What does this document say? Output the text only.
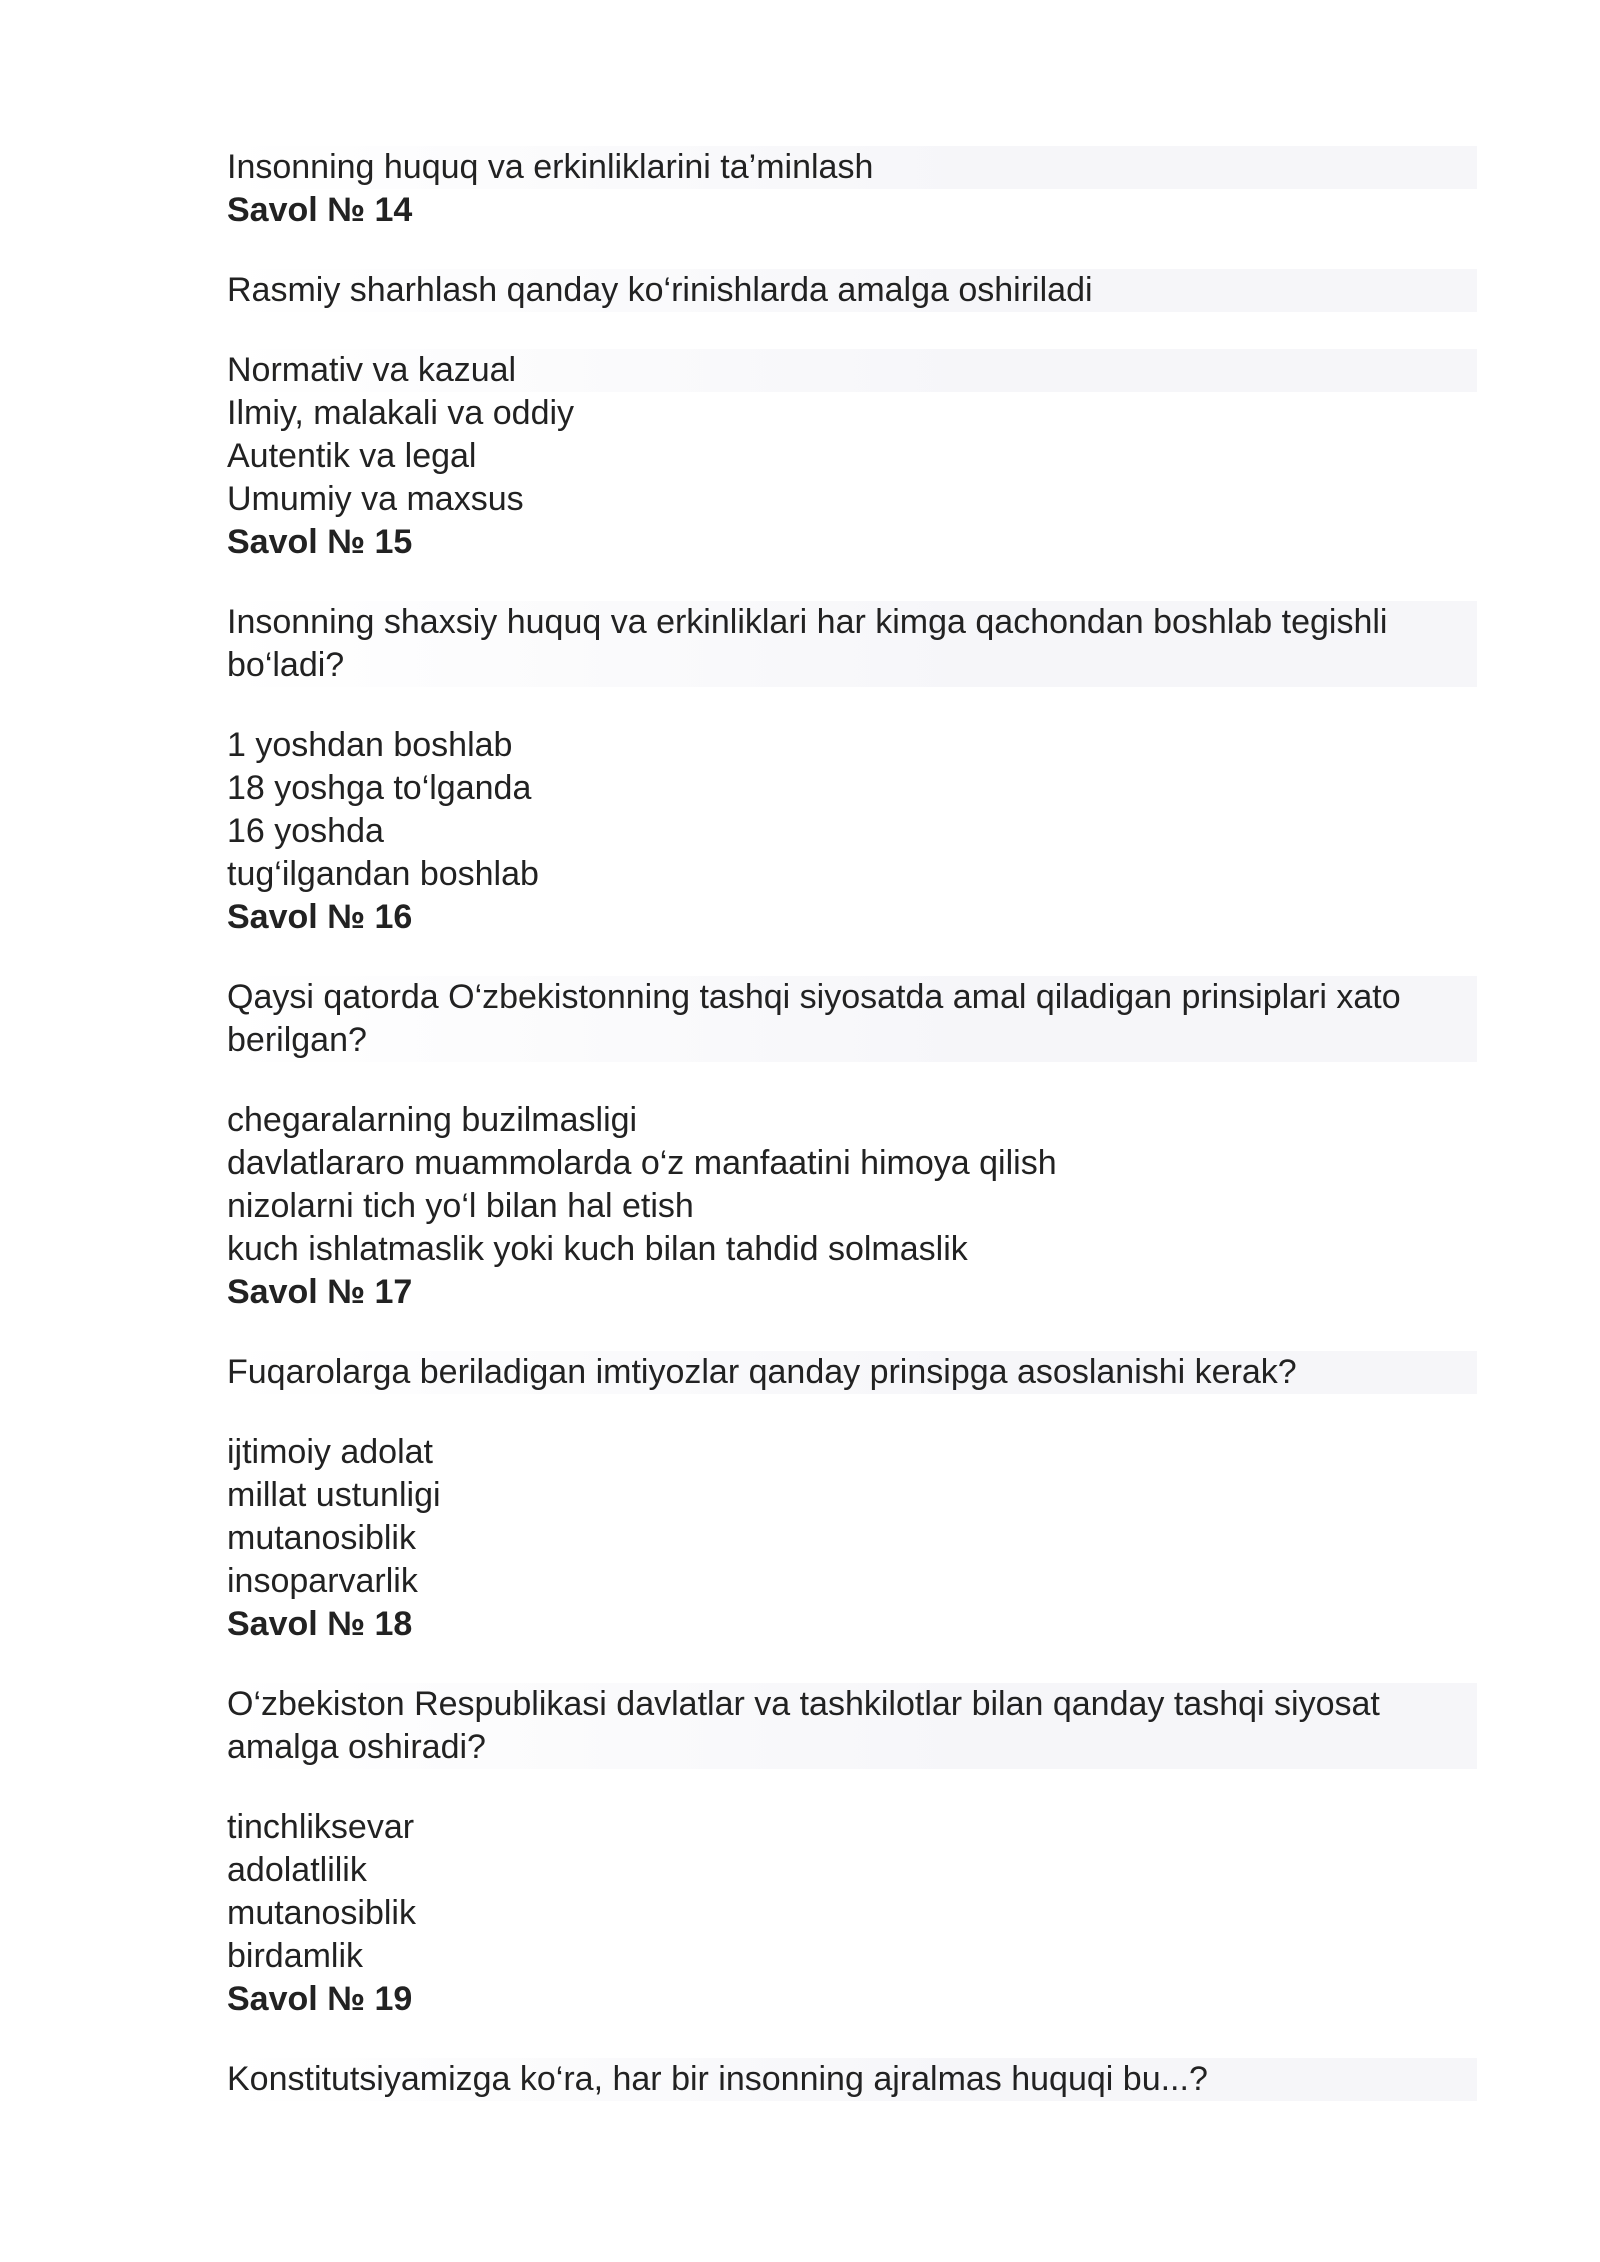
Insonning huquq va erkinliklarini ta’minlash
Savol № 14
Rasmiy sharhlash qanday ko‘rinishlarda amalga oshiriladi
Normativ va kazual
Ilmiy, malakali va oddiy
Autentik va legal
Umumiy va maxsus
Savol № 15
Insonning shaxsiy huquq va erkinliklari har kimga qachondan boshlab tegishli bo‘ladi?
1 yoshdan boshlab
18 yoshga to‘lganda
16 yoshda
tug‘ilgandan boshlab
Savol № 16
Qaysi qatorda O‘zbekistonning tashqi siyosatda amal qiladigan prinsiplari xato berilgan?
chegaralarning buzilmasligi
davlatlararo muammolarda o‘z manfaatini himoya qilish
nizolarni tich yo‘l bilan hal etish
kuch ishlatmaslik yoki kuch bilan tahdid solmaslik
Savol № 17
Fuqarolarga beriladigan imtiyozlar qanday prinsipga asoslanishi kerak?
ijtimoiy adolat
millat ustunligi
mutanosiblik
insoparvarlik
Savol № 18
O‘zbekiston Respublikasi davlatlar va tashkilotlar bilan qanday tashqi siyosat amalga oshiradi?
tinchliksevar
adolatlilik
mutanosiblik
birdamlik
Savol № 19
Konstitutsiyamizga ko‘ra, har bir insonning ajralmas huquqi bu...?
